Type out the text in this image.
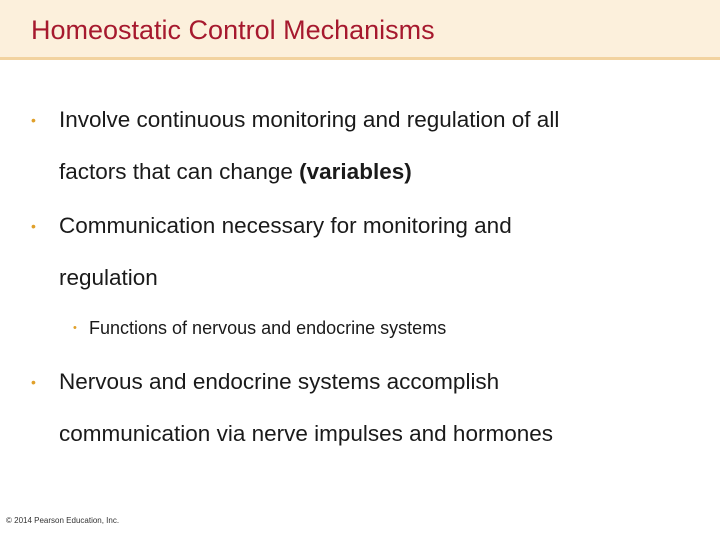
Homeostatic Control Mechanisms
• Involve continuous monitoring and regulation of all
factors that can change (variables)
• Communication necessary for monitoring and
regulation
• Functions of nervous and endocrine systems
• Nervous and endocrine systems accomplish
communication via nerve impulses and hormones
© 2014 Pearson Education, Inc.
